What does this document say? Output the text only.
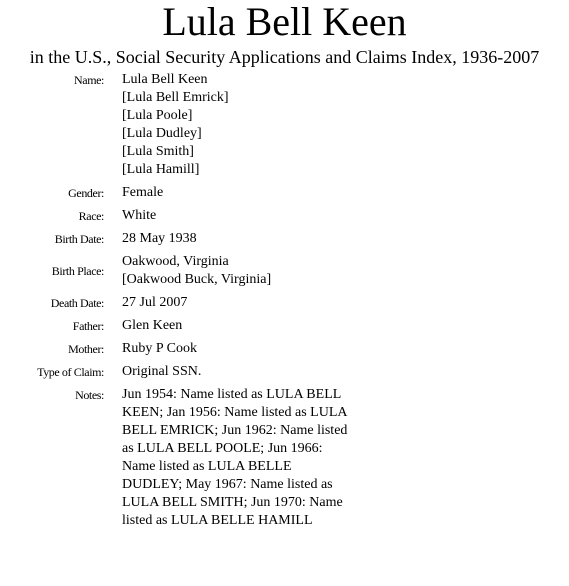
Lula Bell Keen
in the U.S., Social Security Applications and Claims Index, 1936-2007
Name: Lula Bell Keen
[Lula Bell Emrick]
[Lula Poole]
[Lula Dudley]
[Lula Smith]
[Lula Hamill]
Gender: Female
Race: White
Birth Date: 28 May 1938
Birth Place:
Oakwood, Virginia
[Oakwood Buck, Virginia]
Death Date: 27 Jul 2007
Father: Glen Keen
Mother: Ruby P Cook
Type of Claim: Original SSN.
Notes: Jun 1954: Name listed as LULA BELL KEEN; Jan 1956: Name listed as LULA BELL EMRICK; Jun 1962: Name listed as LULA BELL POOLE; Jun 1966: Name listed as LULA BELLE DUDLEY; May 1967: Name listed as LULA BELL SMITH; Jun 1970: Name listed as LULA BELLE HAMILL
